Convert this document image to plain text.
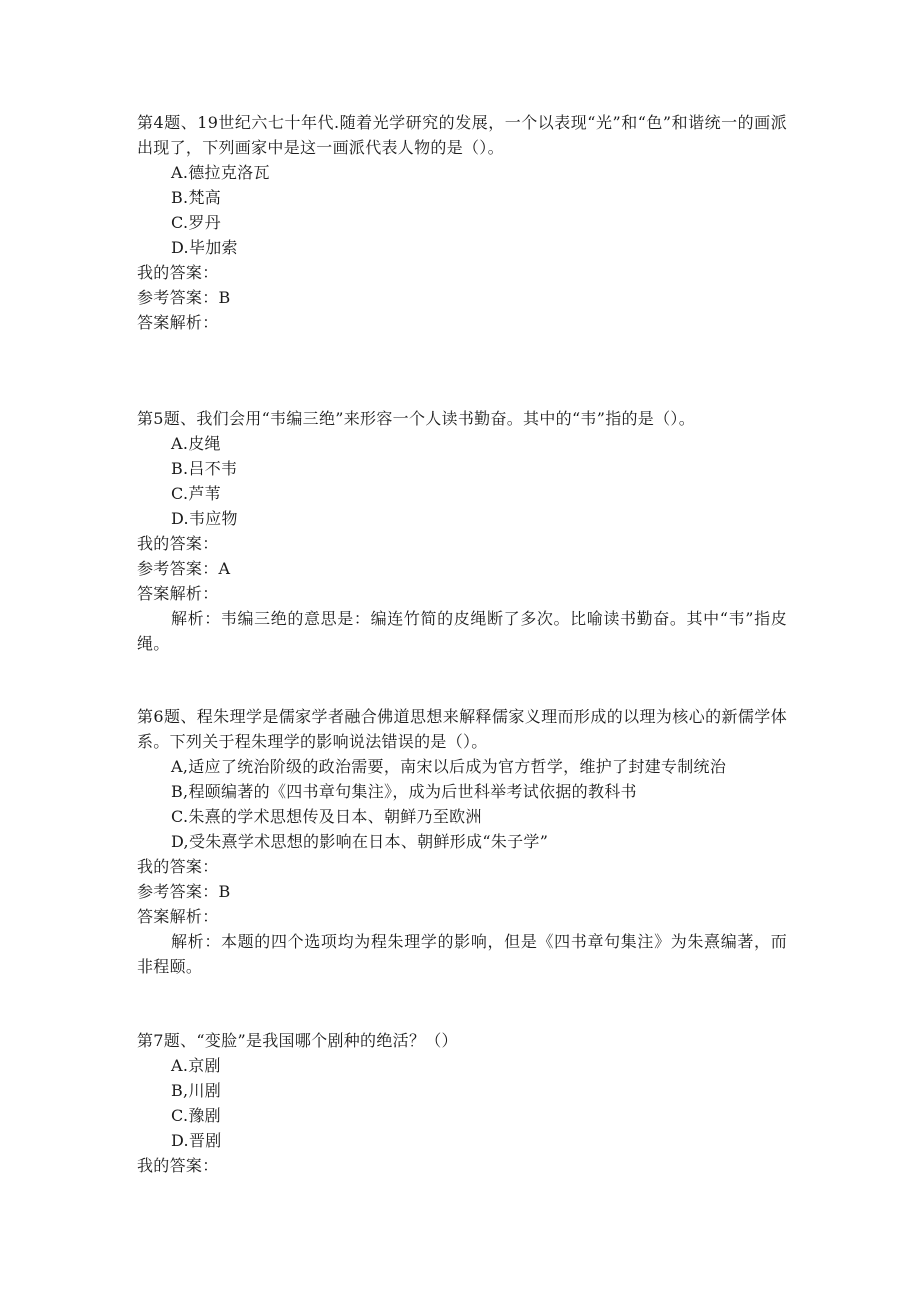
第4题、19世纪六七十年代.随着光学研究的发展，一个以表现“光”和“色”和谐统一的画派出现了，下列画家中是这一画派代表人物的是（）。
A.德拉克洛瓦
B.梵高
C.罗丹
D.毕加索
我的答案：
参考答案：B
答案解析：
第5题、我们会用“韦编三绝”来形容一个人读书勤奋。其中的“韦”指的是（）。
A.皮绳
B.吕不韦
C.芦苇
D.韦应物
我的答案：
参考答案：A
答案解析：
解析：韦编三绝的意思是：编连竹简的皮绳断了多次。比喻读书勤奋。其中“韦”指皮绳。
第6题、程朱理学是儒家学者融合佛道思想来解释儒家义理而形成的以理为核心的新儒学体系。下列关于程朱理学的影响说法错误的是（）。
A,适应了统治阶级的政治需要，南宋以后成为官方哲学，维护了封建专制统治
B,程颐编著的《四书章句集注》，成为后世科举考试依据的教科书
C.朱熹的学术思想传及日本、朝鲜乃至欧洲
D,受朱熹学术思想的影响在日本、朝鲜形成“朱子学”
我的答案：
参考答案：B
答案解析：
解析：本题的四个选项均为程朱理学的影响，但是《四书章句集注》为朱熹编著，而非程颐。
第7题、“变脸”是我国哪个剧种的绝活？（）
A.京剧
B,川剧
C.豫剧
D.晋剧
我的答案：
